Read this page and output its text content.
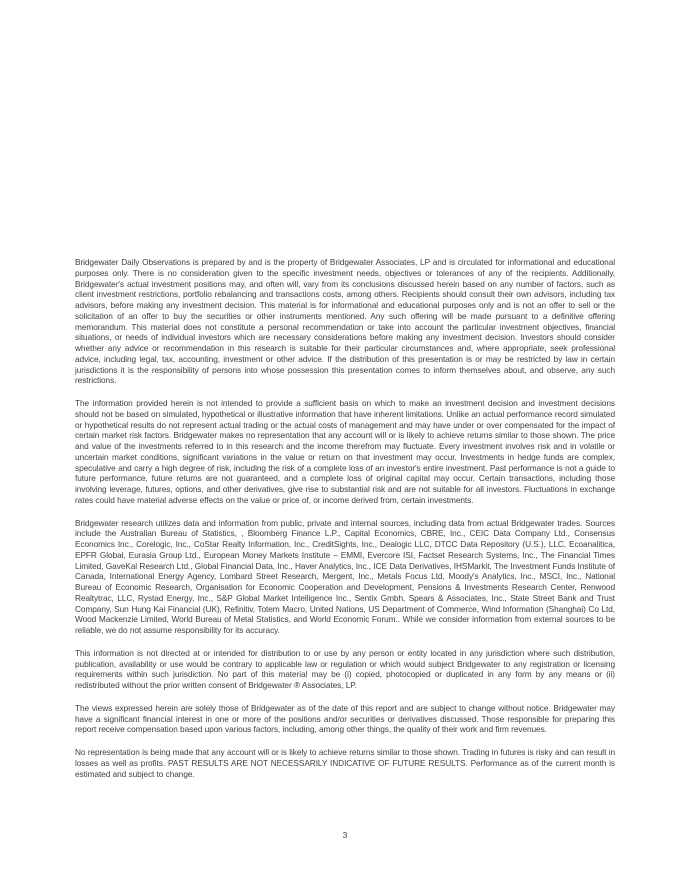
Bridgewater Daily Observations is prepared by and is the property of Bridgewater Associates, LP and is circulated for informational and educational purposes only. There is no consideration given to the specific investment needs, objectives or tolerances of any of the recipients. Additionally, Bridgewater's actual investment positions may, and often will, vary from its conclusions discussed herein based on any number of factors, such as client investment restrictions, portfolio rebalancing and transactions costs, among others. Recipients should consult their own advisors, including tax advisors, before making any investment decision. This material is for informational and educational purposes only and is not an offer to sell or the solicitation of an offer to buy the securities or other instruments mentioned. Any such offering will be made pursuant to a definitive offering memorandum. This material does not constitute a personal recommendation or take into account the particular investment objectives, financial situations, or needs of individual investors which are necessary considerations before making any investment decision. Investors should consider whether any advice or recommendation in this research is suitable for their particular circumstances and, where appropriate, seek professional advice, including legal, tax, accounting, investment or other advice. If the distribution of this presentation is or may be restricted by law in certain jurisdictions it is the responsibility of persons into whose possession this presentation comes to inform themselves about, and observe, any such restrictions.

The information provided herein is not intended to provide a sufficient basis on which to make an investment decision and investment decisions should not be based on simulated, hypothetical or illustrative information that have inherent limitations. Unlike an actual performance record simulated or hypothetical results do not represent actual trading or the actual costs of management and may have under or over compensated for the impact of certain market risk factors. Bridgewater makes no representation that any account will or is likely to achieve returns similar to those shown. The price and value of the investments referred to in this research and the income therefrom may fluctuate. Every investment involves risk and in volatile or uncertain market conditions, significant variations in the value or return on that investment may occur. Investments in hedge funds are complex, speculative and carry a high degree of risk, including the risk of a complete loss of an investor's entire investment. Past performance is not a guide to future performance, future returns are not guaranteed, and a complete loss of original capital may occur. Certain transactions, including those involving leverage, futures, options, and other derivatives, give rise to substantial risk and are not suitable for all investors. Fluctuations in exchange rates could have material adverse effects on the value or price of, or income derived from, certain investments.

Bridgewater research utilizes data and information from public, private and internal sources, including data from actual Bridgewater trades. Sources include the Australian Bureau of Statistics, , Bloomberg Finance L.P., Capital Economics, CBRE, Inc., CEIC Data Company Ltd., Consensus Economics Inc., Corelogic, Inc., CoStar Realty Information, Inc., CreditSights, Inc., Dealogic LLC, DTCC Data Repository (U.S.), LLC, Ecoanalitica, EPFR Global, Eurasia Group Ltd., European Money Markets Institute – EMMI, Evercore ISI, Factset Research Systems, Inc., The Financial Times Limited, GaveKal Research Ltd., Global Financial Data, Inc., Haver Analytics, Inc., ICE Data Derivatives, IHSMarkit, The Investment Funds Institute of Canada, International Energy Agency, Lombard Street Research, Mergent, Inc., Metals Focus Ltd, Moody's Analytics, Inc., MSCI, Inc., National Bureau of Economic Research, Organisation for Economic Cooperation and Development, Pensions & Investments Research Center, Renwood Realtytrac, LLC, Rystad Energy, Inc., S&P Global Market Intelligence Inc., Sentix Gmbh, Spears & Associates, Inc., State Street Bank and Trust Company, Sun Hung Kai Financial (UK), Refinitiv, Totem Macro, United Nations, US Department of Commerce, Wind Information (Shanghai) Co Ltd, Wood Mackenzie Limited, World Bureau of Metal Statistics, and World Economic Forum.. While we consider information from external sources to be reliable, we do not assume responsibility for its accuracy.

This information is not directed at or intended for distribution to or use by any person or entity located in any jurisdiction where such distribution, publication, availability or use would be contrary to applicable law or regulation or which would subject Bridgewater to any registration or licensing requirements within such jurisdiction. No part of this material may be (i) copied, photocopied or duplicated in any form by any means or (ii) redistributed without the prior written consent of Bridgewater ® Associates, LP.

The views expressed herein are solely those of Bridgewater as of the date of this report and are subject to change without notice. Bridgewater may have a significant financial interest in one or more of the positions and/or securities or derivatives discussed. Those responsible for preparing this report receive compensation based upon various factors, including, among other things, the quality of their work and firm revenues.

No representation is being made that any account will or is likely to achieve returns similar to those shown. Trading in futures is risky and can result in losses as well as profits. PAST RESULTS ARE NOT NECESSARILY INDICATIVE OF FUTURE RESULTS. Performance as of the current month is estimated and subject to change.

3
